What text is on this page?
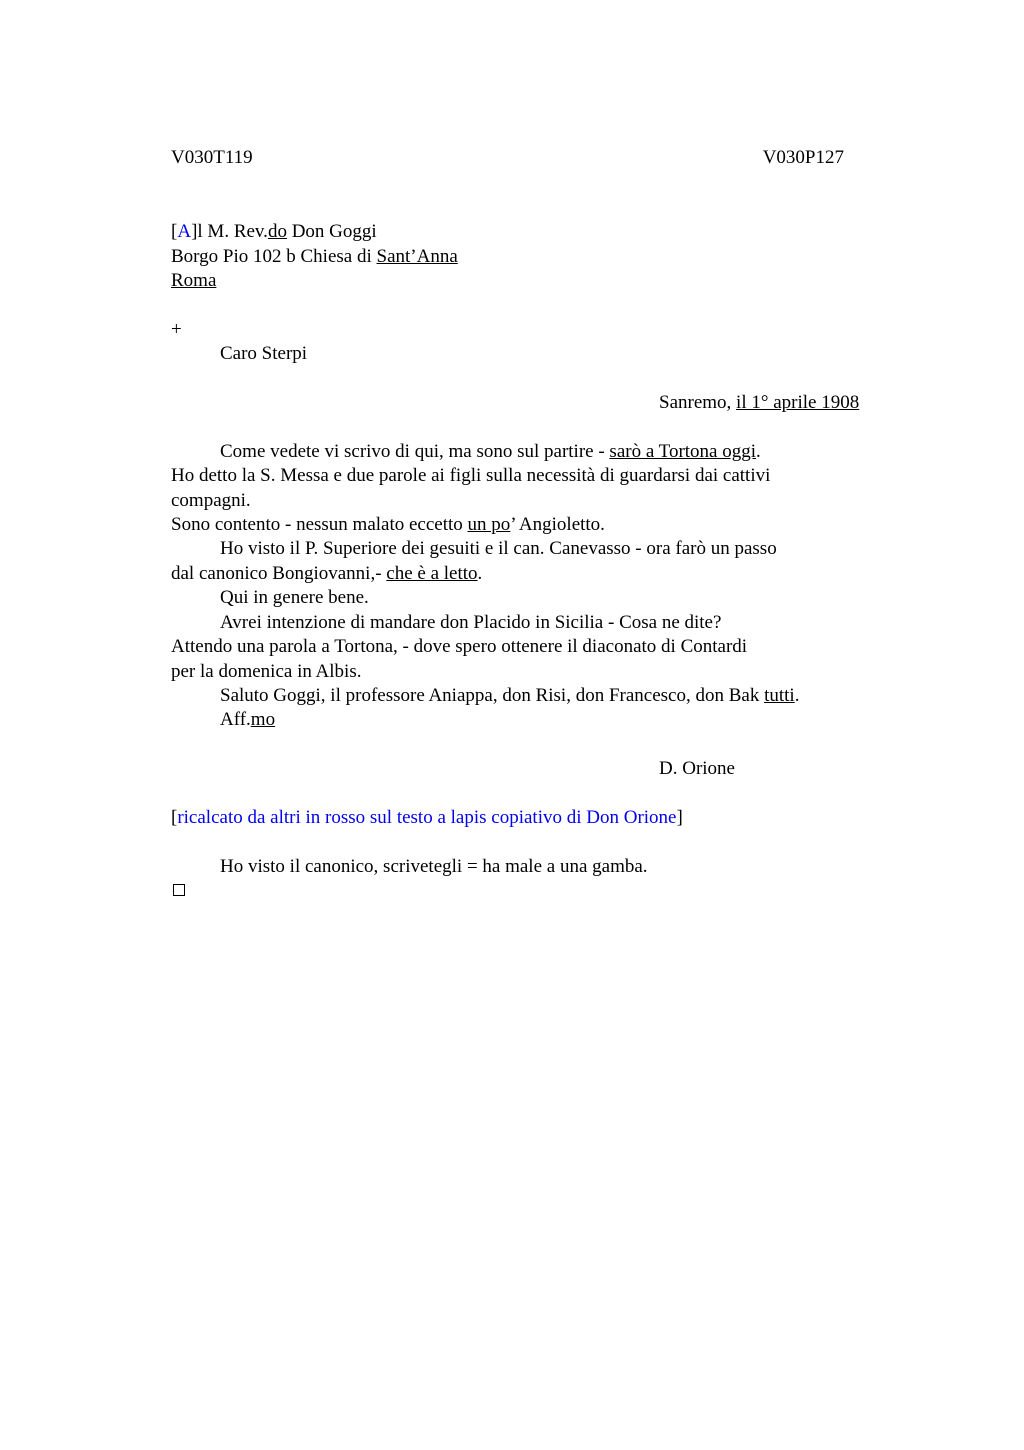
V030T119	V030P127
[A]l M. Rev.do Don Goggi
Borgo Pio 102 b Chiesa di Sant’Anna
Roma
+
Caro Sterpi
Sanremo, il 1° aprile 1908
Come vedete vi scrivo di qui, ma sono sul partire - sarò a Tortona oggi.
Ho detto la S. Messa e due parole ai figli sulla necessità di guardarsi dai cattivi
compagni.
Sono contento - nessun malato eccetto un po’ Angioletto.
Ho visto il P. Superiore dei gesuiti e il can. Canevasso - ora farò un passo
dal canonico Bongiovanni,- che è a letto.
Qui in genere bene.
Avrei intenzione di mandare don Placido in Sicilia - Cosa ne dite?
Attendo una parola a Tortona, - dove spero ottenere il diaconato di Contardi
per la domenica in Albis.
Saluto Goggi, il professore Aniappa, don Risi, don Francesco, don Bak tutti.
Aff.mo
D. Orione
[ricalcato da altri in rosso sul testo a lapis copiativo di Don Orione]
Ho visto il canonico, scrivetegli = ha male a una gamba.
